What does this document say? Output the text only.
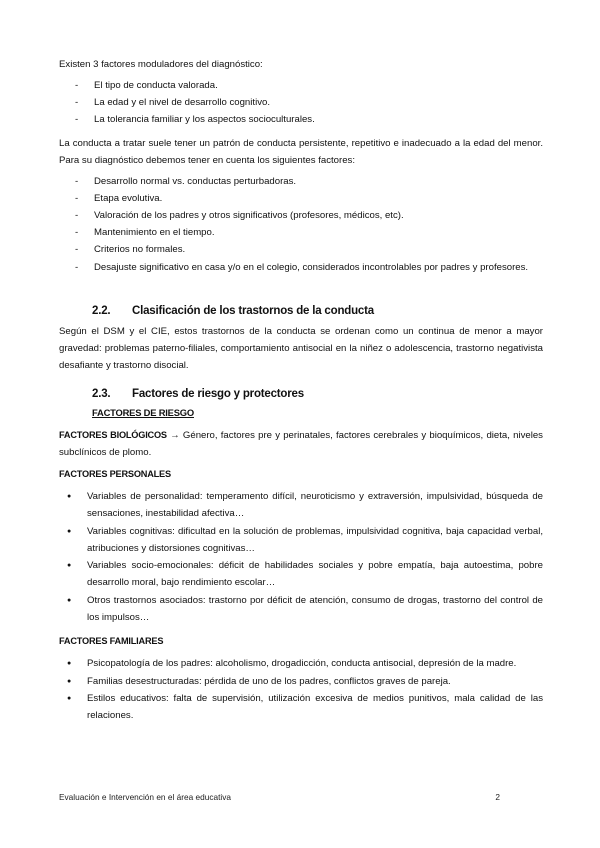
Existen 3 factores moduladores del diagnóstico:

- El tipo de conducta valorada.
- La edad y el nivel de desarrollo cognitivo.
- La tolerancia familiar y los aspectos socioculturales.

La conducta a tratar suele tener un patrón de conducta persistente, repetitivo e inadecuado a la edad del menor. Para su diagnóstico debemos tener en cuenta los siguientes factores:

- Desarrollo normal vs. conductas perturbadoras.
- Etapa evolutiva.
- Valoración de los padres y otros significativos (profesores, médicos, etc).
- Mantenimiento en el tiempo.
- Criterios no formales.
- Desajuste significativo en casa y/o en el colegio, considerados incontrolables por padres y profesores.

2.2. Clasificación de los trastornos de la conducta

Según el DSM y el CIE, estos trastornos de la conducta se ordenan como un continua de menor a mayor gravedad: problemas paterno-filiales, comportamiento antisocial en la niñez o adolescencia, trastorno negativista desafiante y trastorno disocial.

2.3. Factores de riesgo y protectores

FACTORES DE RIESGO

FACTORES BIOLÓGICOS → Género, factores pre y perinatales, factores cerebrales y bioquímicos, dieta, niveles subclínicos de plomo.

FACTORES PERSONALES

● Variables de personalidad: temperamento difícil, neuroticismo y extraversión, impulsividad, búsqueda de sensaciones, inestabilidad afectiva…
● Variables cognitivas: dificultad en la solución de problemas, impulsividad cognitiva, baja capacidad verbal, atribuciones y distorsiones cognitivas…
● Variables socio-emocionales: déficit de habilidades sociales y pobre empatía, baja autoestima, pobre desarrollo moral, bajo rendimiento escolar…
● Otros trastornos asociados: trastorno por déficit de atención, consumo de drogas, trastorno del control de los impulsos…

FACTORES FAMILIARES

● Psicopatología de los padres: alcoholismo, drogadicción, conducta antisocial, depresión de la madre.
● Familias desestructuradas: pérdida de uno de los padres, conflictos graves de pareja.
● Estilos educativos: falta de supervisión, utilización excesiva de medios punitivos, mala calidad de las relaciones.
Evaluación e Intervención en el área educativa	2
